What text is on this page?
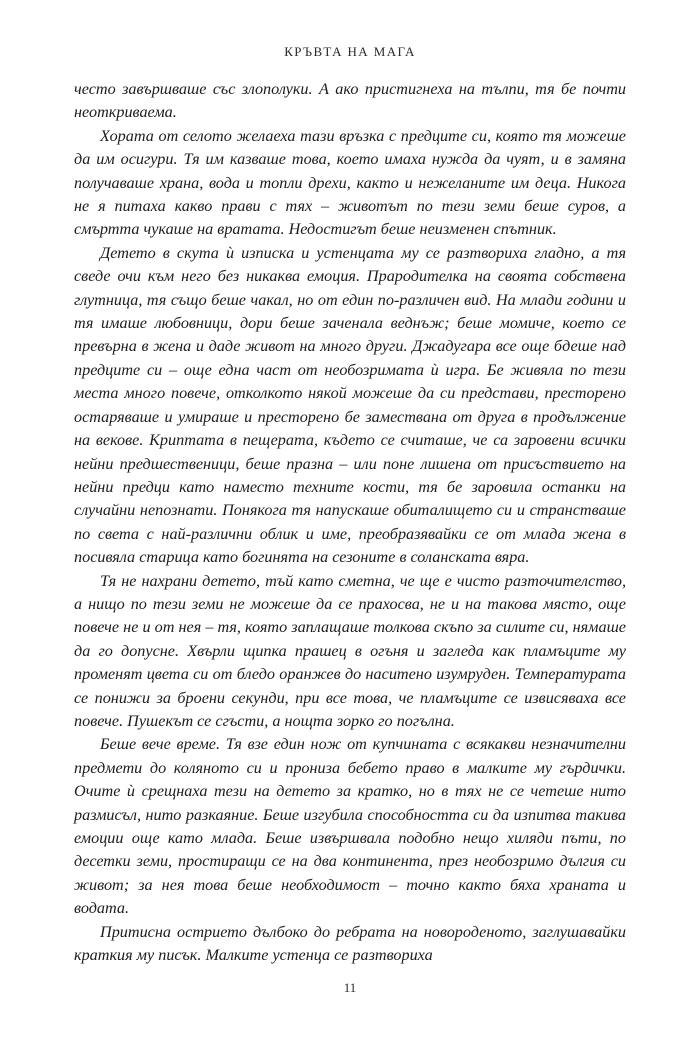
КРЪВТА НА МАГА

често завършваше със злополуки. А ако пристигнеха на тълпи, тя бе почти неоткриваема.

Хората от селото желаеха тази връзка с предците си, която тя можеше да им осигури. Тя им казваше това, което имаха нужда да чуят, и в замяна получаваше храна, вода и топли дрехи, както и нежеланите им деца. Никога не я питаха какво прави с тях – животът по тези земи беше суров, а смъртта чукаше на вратата. Недостигът беше неизменен спътник.

Детето в скута ѝ изписка и устенцата му се разтвориха гладно, а тя сведе очи към него без никаква емоция. Прародителка на своята собствена глутница, тя също беше чакал, но от един по-различен вид. На млади години и тя имаше любовници, дори беше заченала веднъж; беше момиче, което се превърна в жена и даде живот на много други. Джадугара все още бдеше над предците си – още една част от необозримата ѝ игра. Бе живяла по тези места много повече, отколкото някой можеше да си представи, престорено остаряваше и умираше и престорено бе замествана от друга в продължение на векове. Криптата в пещерата, където се считаше, че са заровени всички нейни предшественици, беше празна – или поне лишена от присъствието на нейни предци като наместо техните кости, тя бе заровила останки на случайни непознати. Понякога тя напускаше обиталището си и странстваше по света с най-различни облик и име, преобразявайки се от млада жена в посивяла старица като богинята на сезоните в соланската вяра.

Тя не нахрани детето, тъй като сметна, че ще е чисто разточителство, а нищо по тези земи не можеше да се прахосва, не и на такова място, още повече не и от нея – тя, която заплащаше толкова скъпо за силите си, нямаше да го допусне. Хвърли щипка прашец в огъня и загледа как пламъците му променят цвета си от бледо оранжев до наситено изумруден. Температурата се понижи за броени секунди, при все това, че пламъците се извисяваха все повече. Пушекът се сгъсти, а нощта зорко го погълна.

Беше вече време. Тя взе един нож от купчината с всякакви незначителни предмети до коляното си и прониза бебето право в малките му гърдички. Очите ѝ срещнаха тези на детето за кратко, но в тях не се четеше нито размисъл, нито разкаяние. Беше изгубила способността си да изпитва такива емоции още като млада. Беше извършвала подобно нещо хиляди пъти, по десетки земи, простиращи се на два континента, през необозримо дългия си живот; за нея това беше необходимост – точно както бяха храната и водата.

Притисна острието дълбоко до ребрата на новороденото, заглушавайки краткия му писък. Малките устенца се разтвориха

11
